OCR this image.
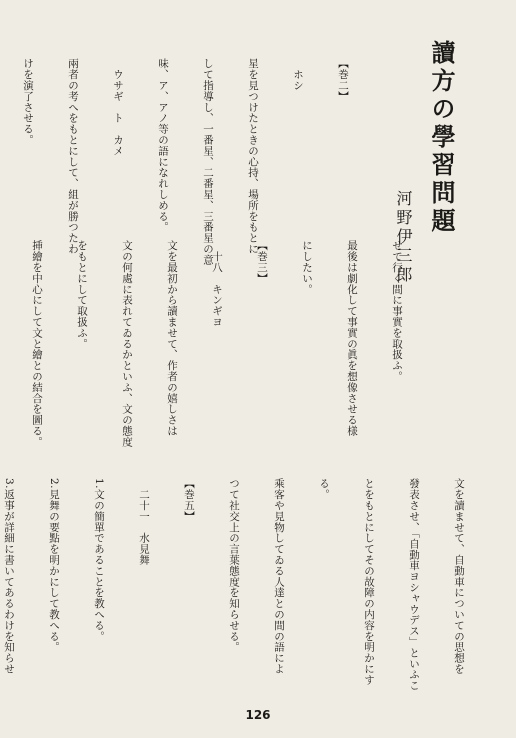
讀方の學習問題
河野伊三郎

【巻二】

　ホシ

星を見つけたときの心持、場所をもとに

して指導し、一番星、二番星、三番星の意

味、ア、アノ等の語になれしめる。

　ウサギ　ト　カメ

兩者の考へをもとにして、組が勝つたわ

けを演了させる。

せて行く間に事實を取扱ふ。

最後は劇化して事實の眞を想像させる様

にしたい。

【巻三】

　十八　キンギヨ

文を最初から讀ませて、作者の嬉しさは

文の何處に表れてゐるかといふ、文の態度

をもとにして取扱ふ。

挿繪を中心にして文と繪との結合を圖る。

文を讀ませて、自動車についての思想を

發表させ、「自動車ヨシャウデス」といふこ

とをもとにしてその故障の内容を明かにす

る。

乘客や見物してゐる人達との間の語によ

つて社交上の言葉態度を知らせる。

【巻五】

　二十一　水見舞

1.文の簡單であることを教へる。

2.見舞の要點を明かにして教へる。

3.返事が詳細に書いてあるわけを知らせ

126
